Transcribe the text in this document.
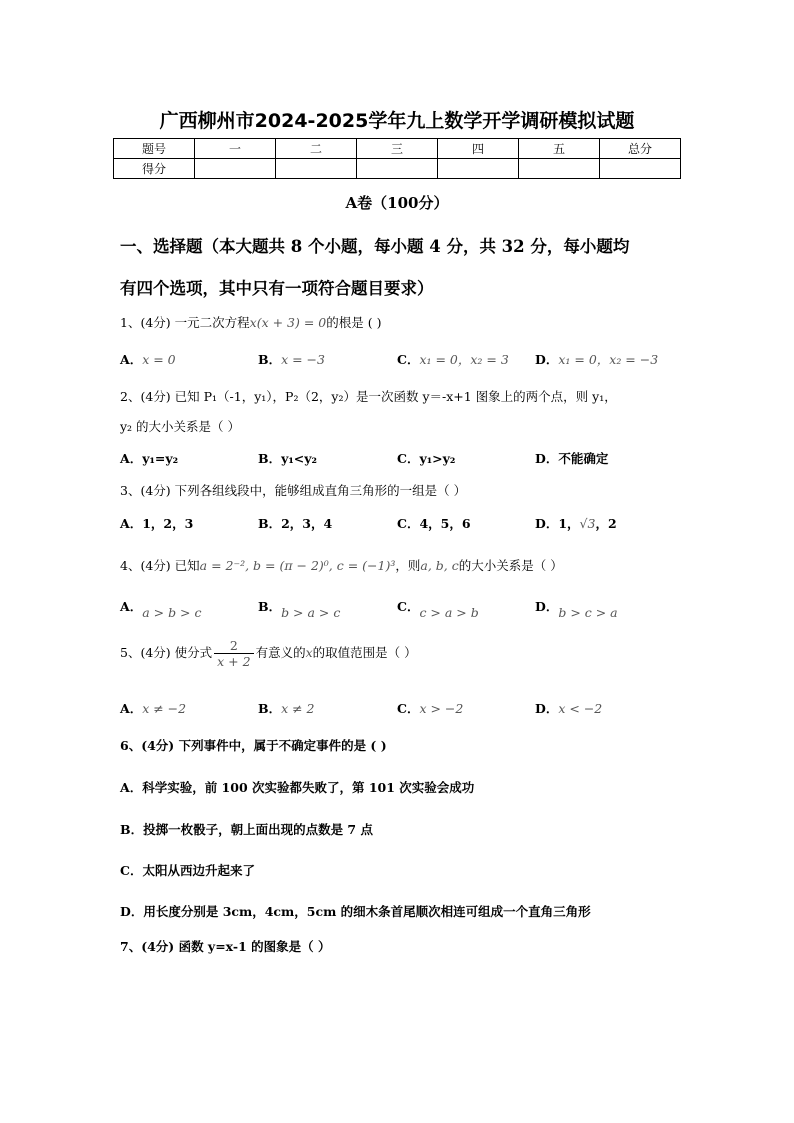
广西柳州市2024-2025学年九上数学开学调研模拟试题
题号	一	二	三	四	五	总分
得分						
A卷（100分）
一、选择题（本大题共 8 个小题，每小题 4 分，共 32 分，每小题均
有四个选项，其中只有一项符合题目要求）
1、(4分) 一元二次方程x(x + 3) = 0的根是 ( )
A．x = 0	B．x = −3	C．x₁ = 0，x₂ = 3 D．x₁ = 0，x₂ = −3
2、(4分) 已知 P₁（-1，y₁），P₂（2，y₂）是一次函数 y＝-x+1 图象上的两个点，则 y₁，
y₂ 的大小关系是（ ）
A．y₁=y₂	B．y₁<y₂	C．y₁>y₂	D．不能确定
3、(4分) 下列各组线段中，能够组成直角三角形的一组是（ ）
A．1，2，3	B．2，3，4	C．4，5，6	D．1，√3，2
4、(4分) 已知a = 2⁻², b = (π − 2)⁰, c = (−1)³，则a, b, c的大小关系是（ ）
A．a > b > c	B．b > a > c	C．c > a > b	D．b > c > a
5、(4分) 使分式 $\frac{2}{x + 2}$ 有意义的x的取值范围是（ ）
A．x ≠ −2	B．x ≠ 2	C．x > −2	D．x < −2
6、(4分) 下列事件中，属于不确定事件的是 ( )
A．科学实验，前 100 次实验都失败了，第 101 次实验会成功
B．投掷一枚骰子，朝上面出现的点数是 7 点
C．太阳从西边升起来了
D．用长度分别是 3cm，4cm，5cm 的细木条首尾顺次相连可组成一个直角三角形
7、(4分) 函数 y=x-1 的图象是（ ）
